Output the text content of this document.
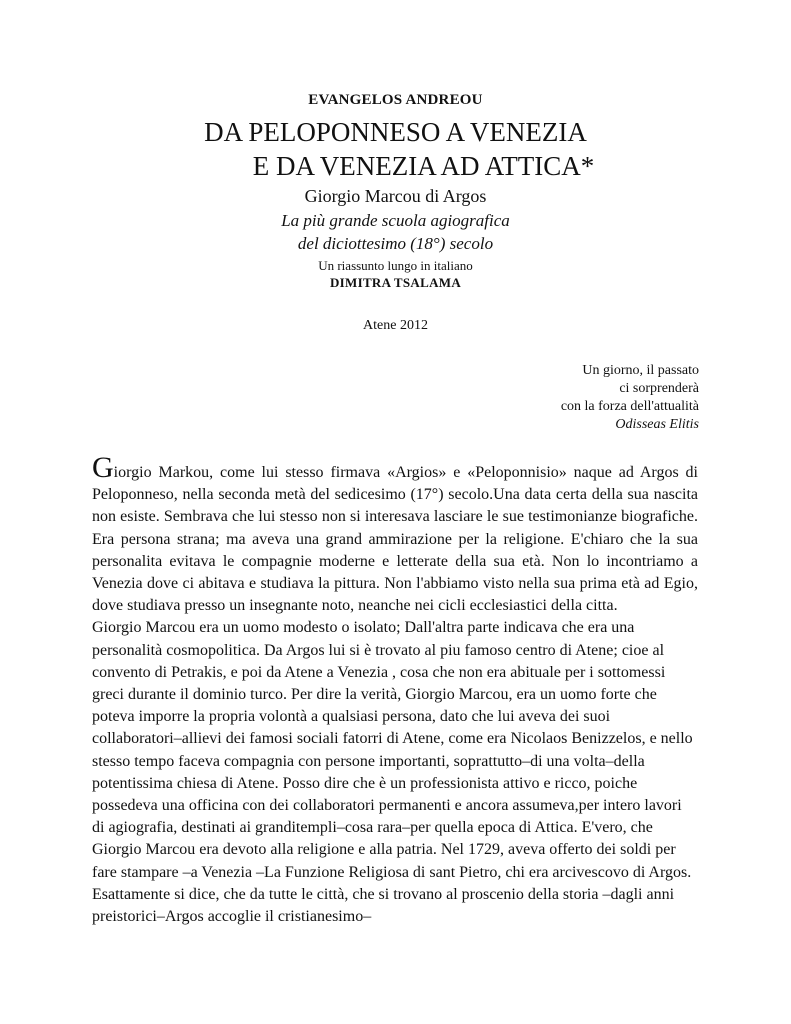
EVANGELOS ANDREOU
DA PELOPONNESO A VENEZIA
E DA VENEZIA AD ATTICA*
Giorgio Marcou di Argos
La più grande scuola agiografica
del diciottesimo (18°) secolo
Un riassunto lungo in italiano
DIMITRA TSALAMA
Atene 2012
Un giorno, il passato
ci sorprenderà
con la forza dell'attualità
Odisseas Elitis

Giorgio Markou, come lui stesso firmava «Argios» e «Peloponnisio» naque ad Argos di Peloponneso, nella seconda metà del sedicesimo (17°) secolo.Una data certa della sua nascita non esiste. Sembrava che lui stesso non si interesava lasciare le sue testimonianze biografiche. Era persona strana; ma aveva una grand ammirazione per la religione. E'chiaro che la sua personalita evitava le compagnie moderne e letterate della sua età. Non lo incontriamo a Venezia dove ci abitava e studiava la pittura. Non l'abbiamo visto nella sua prima età ad Egio, dove studiava presso un insegnante noto, neanche nei cicli ecclesiastici della citta.

Giorgio Marcou era un uomo modesto o isolato; Dall'altra parte indicava che era una personalità cosmopolitica. Da Argos lui si è trovato al piu famoso centro di Atene; cioe al convento di Petrakis, e poi da Atene a Venezia , cosa che non era abituale per i sottomessi greci durante il dominio turco. Per dire la verità, Giorgio Marcou, era un uomo forte che poteva imporre la propria volontà a qualsiasi persona, dato che lui aveva dei suoi collaboratori–allievi dei famosi sociali fatorri di Atene, come era Nicolaos Benizzelos, e nello stesso tempo faceva compagnia con persone importanti, soprattutto–di una volta–della potentissima chiesa di Atene. Posso dire che è un professionista attivo e ricco, poiche possedeva una officina con dei collaboratori permanenti e ancora assumeva,per intero lavori di agiografia, destinati ai granditempli–cosa rara–per quella epoca di Attica. E'vero, che Giorgio Marcou era devoto alla religione e alla patria. Nel 1729, aveva offerto dei soldi per fare stampare –a Venezia –La Funzione Religiosa di sant Pietro, chi era arcivescovo di Argos. Esattamente si dice, che da tutte le città, che si trovano al proscenio della storia –dagli anni preistorici–Argos accoglie il cristianesimo–
